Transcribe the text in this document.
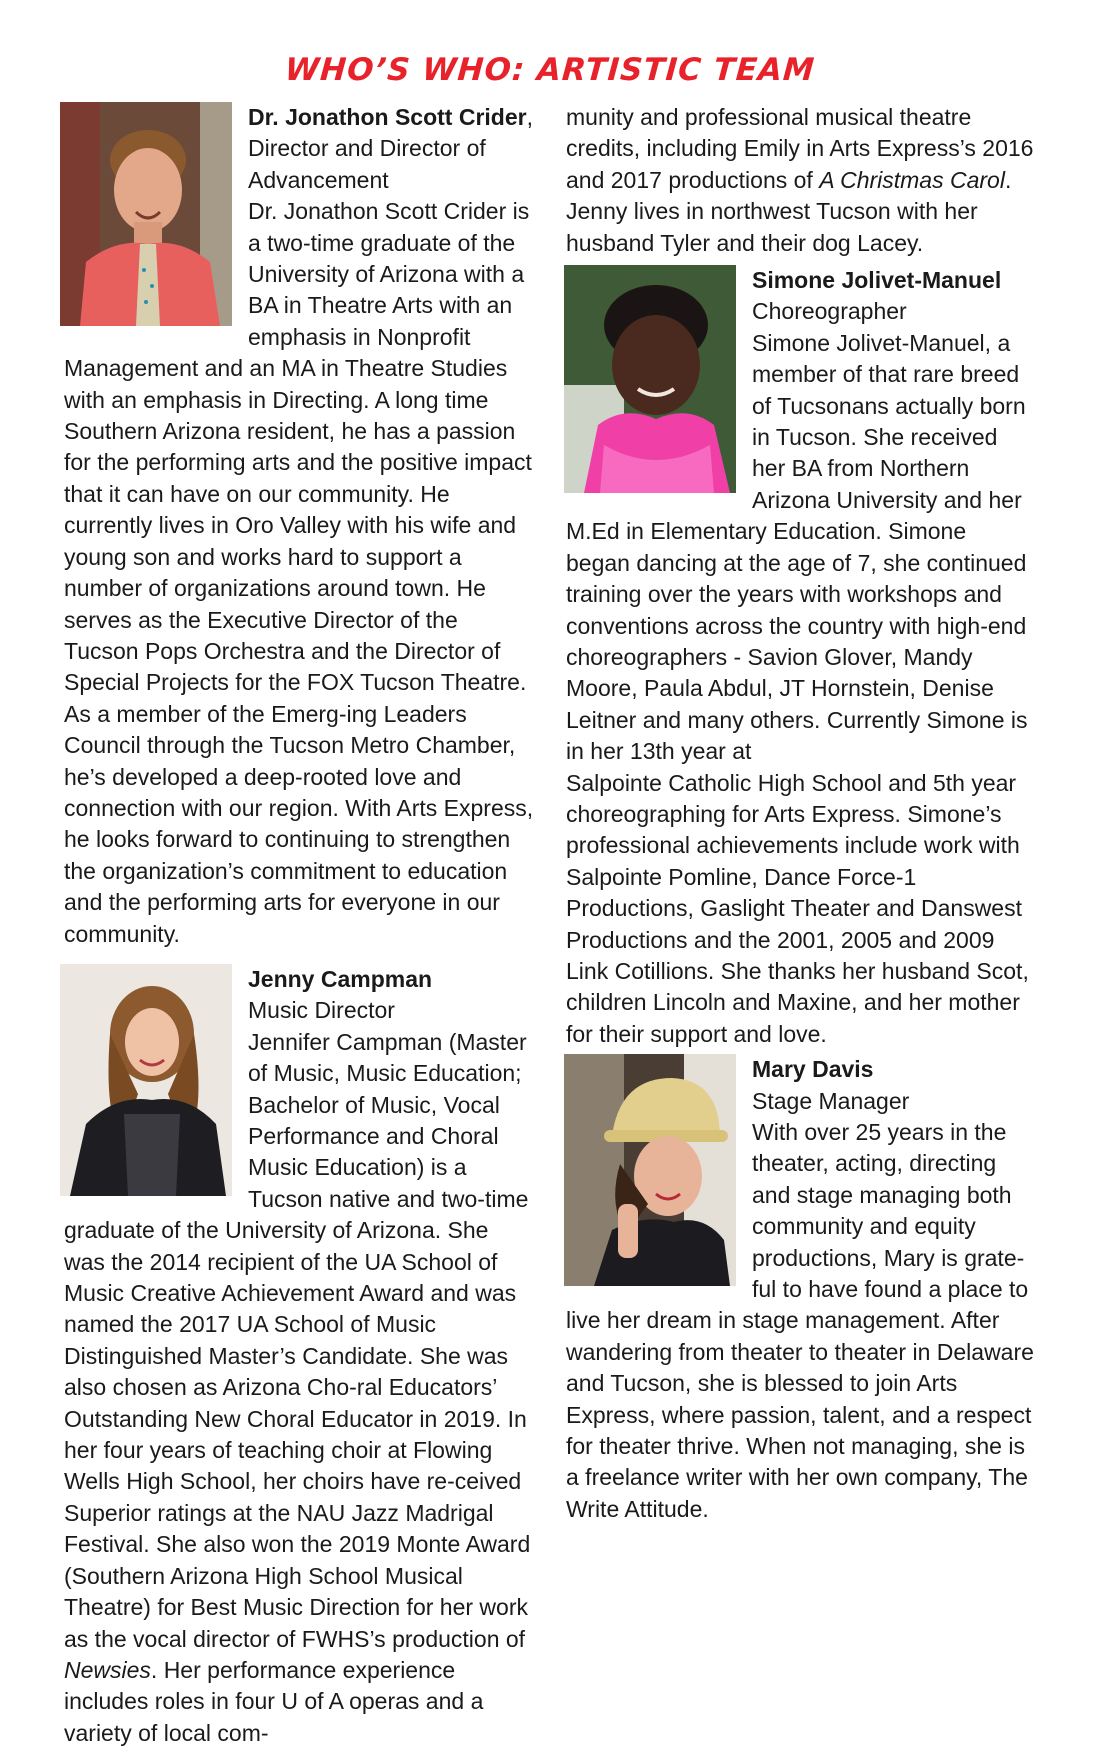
WHO’S WHO: ARTISTIC TEAM

Dr. Jonathon Scott Crider,
Director and Director of Advancement
Dr. Jonathon Scott Crider is a two-time graduate of the University of Arizona with a BA in Theatre Arts with an emphasis in Nonprofit Management and an MA in Theatre Studies with an emphasis in Directing. A long time Southern Arizona resident, he has a passion for the performing arts and the positive impact that it can have on our community. He currently lives in Oro Valley with his wife and young son and works hard to support a number of organizations around town. He serves as the Executive Director of the Tucson Pops Orchestra and the Director of Special Projects for the FOX Tucson Theatre. As a member of the Emerg-ing Leaders Council through the Tucson Metro Chamber, he’s developed a deep-rooted love and connection with our region. With Arts Express, he looks forward to continuing to strengthen the organization’s commitment to education and the performing arts for everyone in our community.

Jenny Campman
Music Director
Jennifer Campman (Master of Music, Music Education; Bachelor of Music, Vocal Performance and Choral Music Education) is a Tucson native and two-time graduate of the University of Arizona. She was the 2014 recipient of the UA School of Music Creative Achievement Award and was named the 2017 UA School of Music Distinguished Master’s Candidate. She was also chosen as Arizona Cho-ral Educators’ Outstanding New Choral Educator in 2019. In her four years of teaching choir at Flowing Wells High School, her choirs have re-ceived Superior ratings at the NAU Jazz Madrigal Festival. She also won the 2019 Monte Award (Southern Arizona High School Musical Theatre) for Best Music Direction for her work as the vocal director of FWHS’s production of Newsies. Her performance experience includes roles in four U of A operas and a variety of local com-

munity and professional musical theatre credits, including Emily in Arts Express’s 2016 and 2017 productions of A Christmas Carol. Jenny lives in northwest Tucson with her husband Tyler and their dog Lacey.

Simone Jolivet-Manuel
Choreographer
Simone Jolivet-Manuel, a member of that rare breed of Tucsonans actually born in Tucson. She received her BA from Northern Arizona University and her M.Ed in Elementary Education. Simone began dancing at the age of 7, she continued training over the years with workshops and conventions across the country with high-end choreographers - Savion Glover, Mandy Moore, Paula Abdul, JT Hornstein, Denise Leitner and many others. Currently Simone is in her 13th year at
Salpointe Catholic High School and 5th year choreographing for Arts Express. Simone’s professional achievements include work with Salpointe Pomline, Dance Force-1 Productions, Gaslight Theater and Danswest Productions and the 2001, 2005 and 2009 Link Cotillions. She thanks her husband Scot, children Lincoln and Maxine, and her mother for their support and love.

Mary Davis
Stage Manager
With over 25 years in the theater, acting, directing and stage managing both community and equity productions, Mary is grate-ful to have found a place to live her dream in stage management. After wandering from theater to theater in Delaware and Tucson, she is blessed to join Arts Express, where passion, talent, and a respect for theater thrive. When not managing, she is a freelance writer with her own company, The Write Attitude.
